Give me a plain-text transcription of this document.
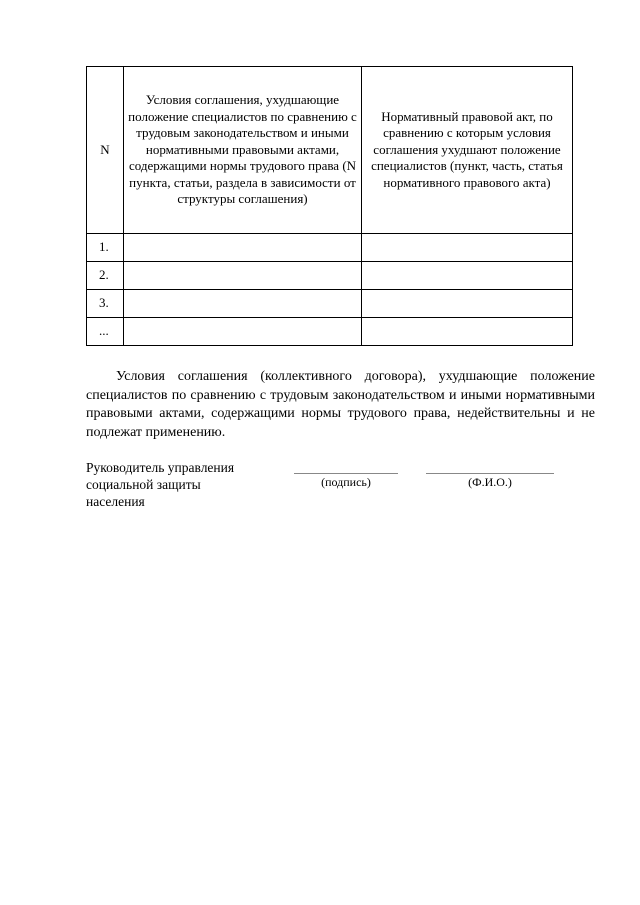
N	Условия соглашения, ухудшающие положение специалистов по сравнению с трудовым законодательством и иными нормативными правовыми актами, содержащими нормы трудового права (N пункта, статьи, раздела в зависимости от структуры соглашения)	Нормативный правовой акт, по сравнению с которым условия соглашения ухудшают положение специалистов (пункт, часть, статья нормативного правового акта)
1.		
2.		
3.		
...		

Условия соглашения (коллективного договора), ухудшающие положение специалистов по сравнению с трудовым законодательством и иными нормативными правовыми актами, содержащими нормы трудового права, недействительны и не подлежат применению.

Руководитель управления
социальной защиты
населения
(подпись)	(Ф.И.О.)
